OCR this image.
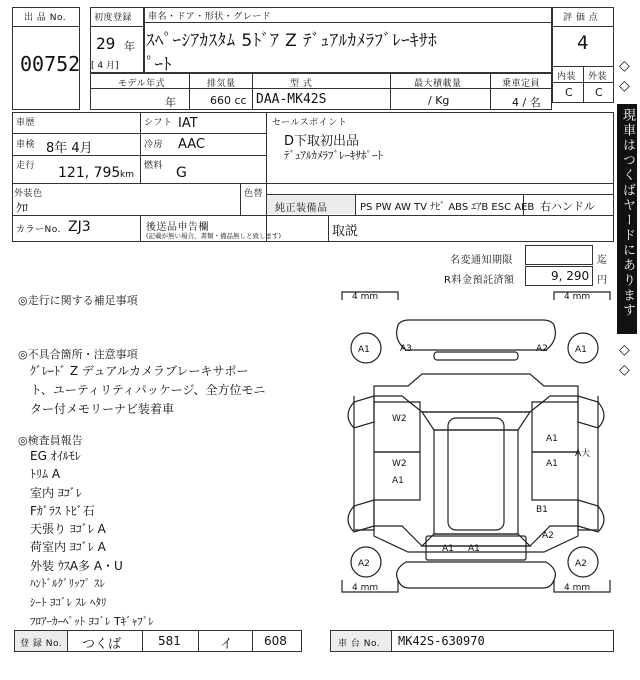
出 品 No.
00752
初度登録
29 年
[ 4 月]
車名・ドア・形状・グレード
ｽﾍﾟｰｼｱｶｽﾀﾑ 5ﾄﾞｱ Z ﾃﾞｭｱﾙｶﾒﾗﾌﾞﾚｰｷｻﾎ
ﾟｰﾄ
評 価 点
4
内装 外装
C C
モデル年式
年
排気量
660 cc
型 式
DAA-MK42S
最大積載量
/ Kg
乗車定員
4 / 名
車歴	シフト IAT
車検 8年 4月	冷房 AAC
走行 121, 795 km
燃料 G
セールスポイント
D下取初出品
ﾃﾞｭｱﾙｶﾒﾗﾌﾞﾚｰｷｻﾎﾟｰﾄ
外装色
ｸﾛ
色替
純正装備品	PS PW AW TV ﾅﾋﾞ ABS ｴｱB ESC AEB 右ハンドル
カラーNo. ZJ3	後送品申告欄
(記載が無い場合、書類・備品無しと致します)	取説
名変通知期限	迄
R料金預託済額	9, 290 円
◎走行に関する補足事項
◎不具合箇所・注意事項
ｸﾞﾚｰﾄﾞ Z デュアルカメラブレーキサポー
ト、ユーティリティパッケージ、全方位モニ
ター付メモリーナビ装着車
◎検査員報告
EG ｵｲﾙﾓﾚ
ﾄﾘﾑ A
室内 ﾖｺﾞﾚ
Fｶﾞﾗｽ ﾄﾋﾞ石
天張り ﾖｺﾞﾚ A
荷室内 ﾖｺﾞﾚ A
外装 ｳｽA多 A・U
ﾊﾝﾄﾞﾙｸﾞﾘｯﾌﾟ ｽﾚ
ｼｰﾄ ﾖｺﾞﾚ ｽﾚ ﾍﾀﾘ
ﾌﾛｱｰｶｰﾍﾟｯﾄ ﾖｺﾞﾚ Tｷﾞｬﾌﾞﾚ
4 mm	4 mm
4 mm	4 mm
A1	A1
A2	A2
A3	A2
W2
W2
A1
A1
A1
A大
B1
A2
A1 A1
登 録 No. つくば	581	イ	608	車 台 No. MK42S-630970
◇
◇
現車はつくばヤードにあります
◇
◇
